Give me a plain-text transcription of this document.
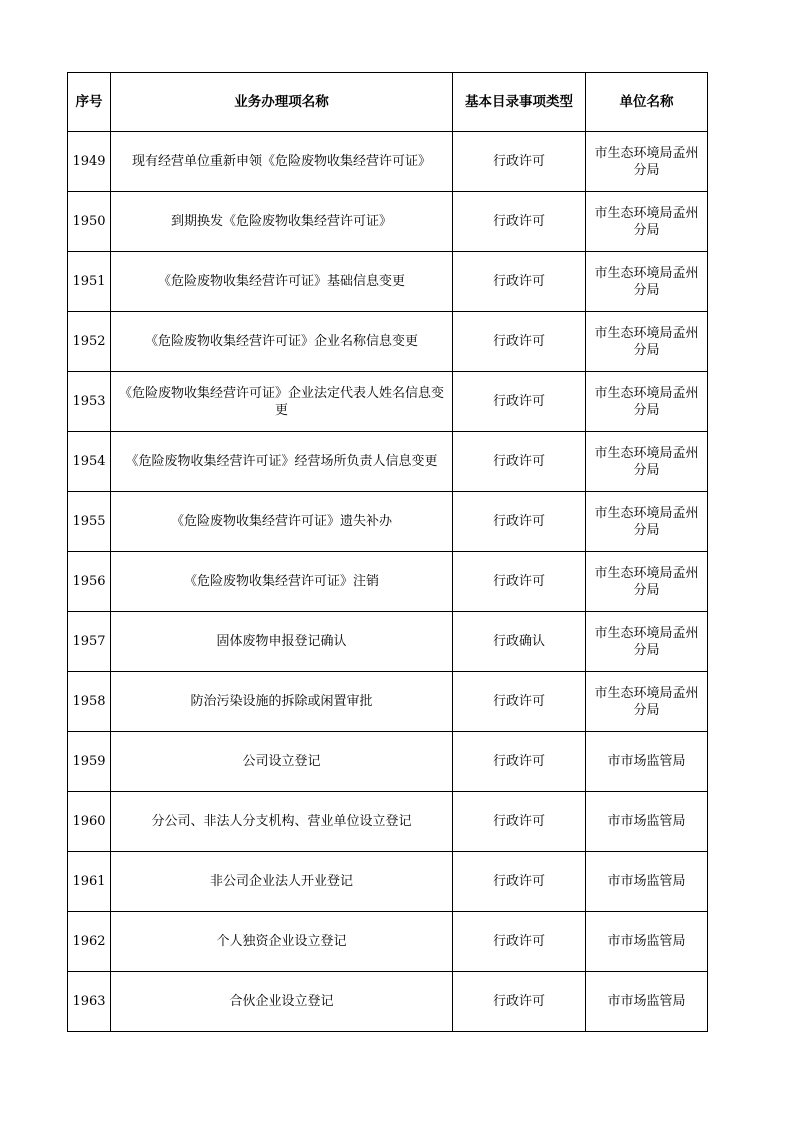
序号	业务办理项名称	基本目录事项类型	单位名称
1949	现有经营单位重新申领《危险废物收集经营许可证》	行政许可	市生态环境局孟州分局
1950	到期换发《危险废物收集经营许可证》	行政许可	市生态环境局孟州分局
1951	《危险废物收集经营许可证》基础信息变更	行政许可	市生态环境局孟州分局
1952	《危险废物收集经营许可证》企业名称信息变更	行政许可	市生态环境局孟州分局
1953	《危险废物收集经营许可证》企业法定代表人姓名信息变更	行政许可	市生态环境局孟州分局
1954	《危险废物收集经营许可证》经营场所负责人信息变更	行政许可	市生态环境局孟州分局
1955	《危险废物收集经营许可证》遗失补办	行政许可	市生态环境局孟州分局
1956	《危险废物收集经营许可证》注销	行政许可	市生态环境局孟州分局
1957	固体废物申报登记确认	行政确认	市生态环境局孟州分局
1958	防治污染设施的拆除或闲置审批	行政许可	市生态环境局孟州分局
1959	公司设立登记	行政许可	市市场监管局
1960	分公司、非法人分支机构、营业单位设立登记	行政许可	市市场监管局
1961	非公司企业法人开业登记	行政许可	市市场监管局
1962	个人独资企业设立登记	行政许可	市市场监管局
1963	合伙企业设立登记	行政许可	市市场监管局
